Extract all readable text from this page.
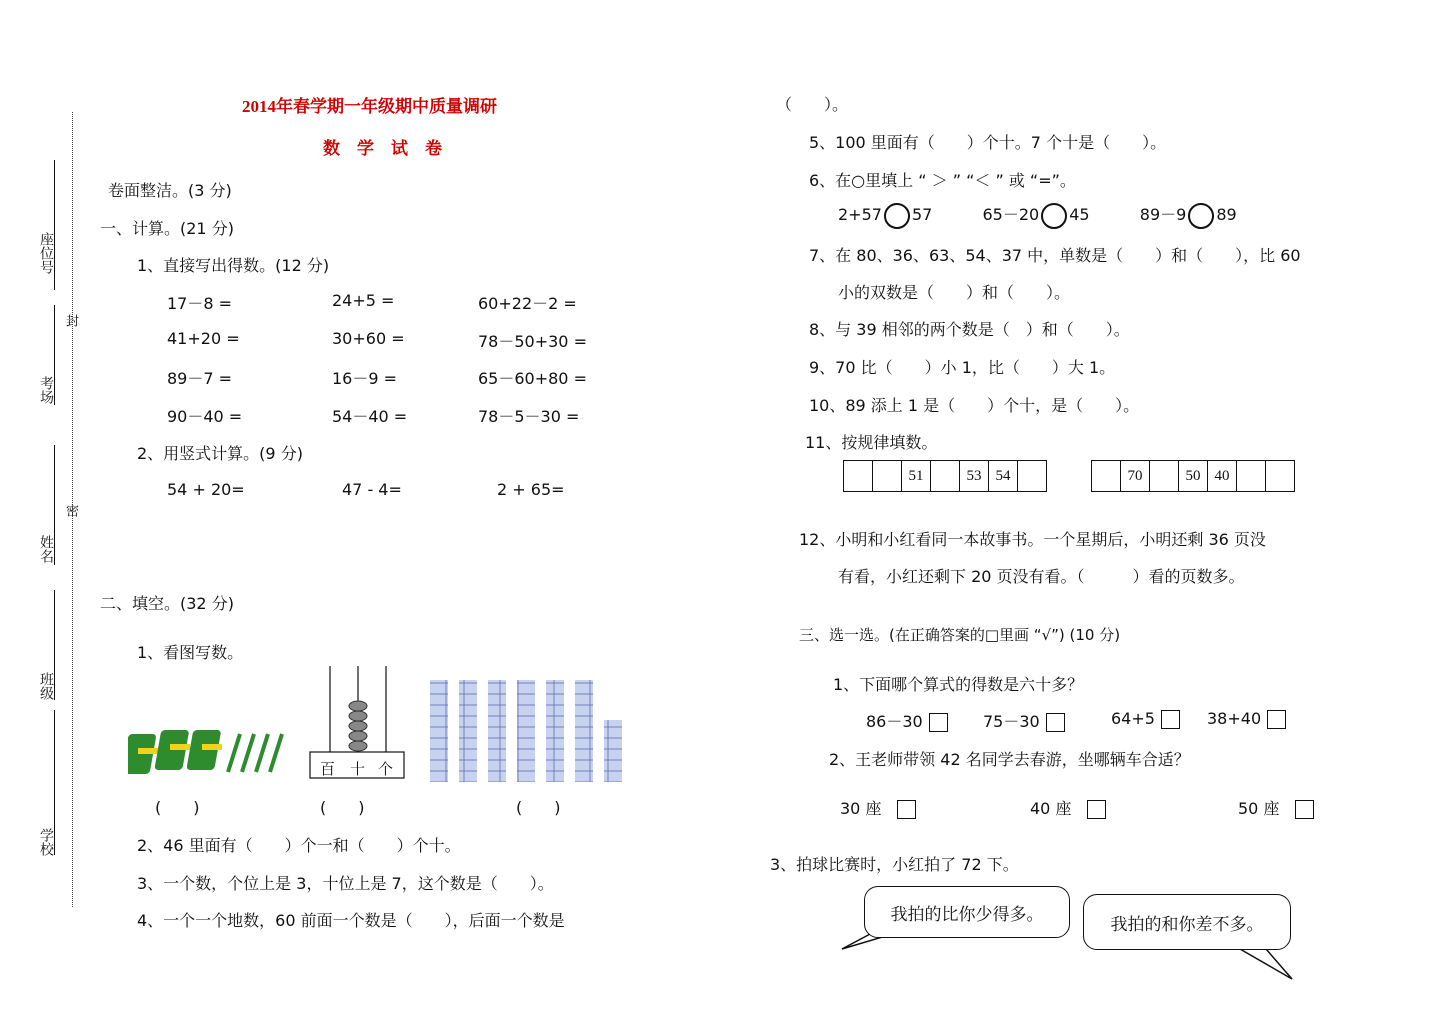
座位号
封
考场
密
姓名
班级
学校
2014年春学期一年级期中质量调研
数　学　试　卷
卷面整洁。(3 分)
一、计算。(21 分)
1、直接写出得数。(12 分)
17－8 =	24+5 =	60+22－2 =
41+20 =	30+60 =	78－50+30 =
89－7 =	16－9 =	65－60+80 =
90－40 =	54－40 =	78－5－30 =
2、用竖式计算。(9 分)
54 + 20=	47 - 4=	2 + 65=
二、填空。(32 分)
1、看图写数。
百 十 个
(　　)	(　　)	(　　)
2、46 里面有（　　）个一和（　　）个十。
3、一个数，个位上是 3，十位上是 7，这个数是（　　）。
4、一个一个地数，60 前面一个数是（　　），后面一个数是
（　　）。
5、100 里面有（　　）个十。7 个十是（　　）。
6、在○里填上 “ ＞ ” “＜ ” 或 “=”。
2+57 57	65－20 45	89－9 89
7、在 80、36、63、54、37 中，单数是（　　）和（　　），比 60
小的双数是（　　）和（　　）。
8、与 39 相邻的两个数是（　）和（　　）。
9、70 比（　　）小 1，比（　　）大 1。
10、89 添上 1 是（　　）个十，是（　　）。
11、按规律填数。
		51		53	54	
		70		50	40		
12、小明和小红看同一本故事书。一个星期后，小明还剩 36 页没
有看，小红还剩下 20 页没有看。（　　　）看的页数多。
三、选一选。(在正确答案的□里画 “√”) (10 分)
1、下面哪个算式的得数是六十多？
86－30	75－30	64+5	38+40
2、王老师带领 42 名同学去春游，坐哪辆车合适？
30 座	40 座	50 座
3、拍球比赛时，小红拍了 72 下。
我拍的比你少得多。	我拍的和你差不多。
